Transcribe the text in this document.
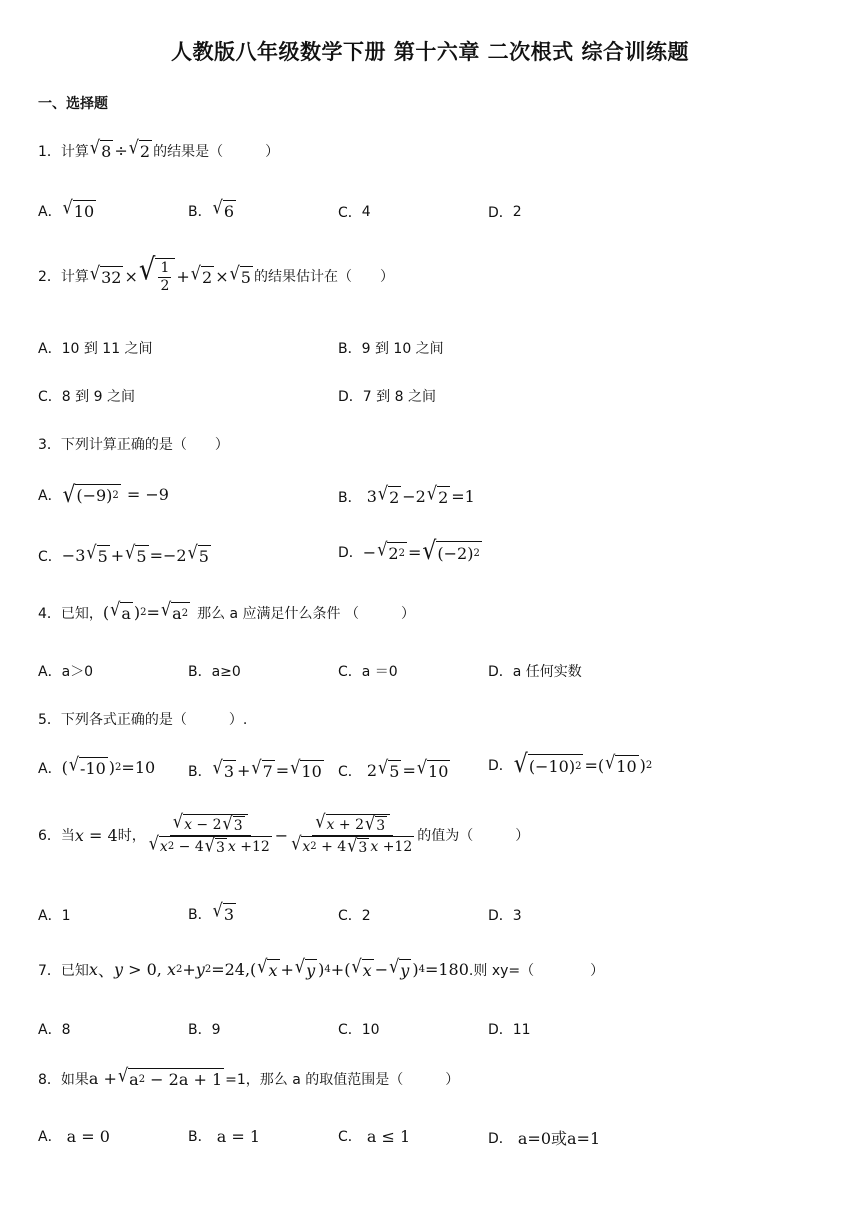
人教版八年级数学下册 第十六章 二次根式 综合训练题
一、选择题
1．计算 √ 8 ÷ √ 2 的结果是（　　　）
A． √ 10	B． √ 6	C． 4	D． 2
2．计算 √ 32 × √ $\frac{1}{2}$ + √ 2 × √ 5 的结果估计在（　　）
A．10 到 11 之间	B．9 到 10 之间
C．8 到 9 之间	D．7 到 8 之间
3．下列计算正确的是（　　）
A． √ (−9) 2 = −9	B． 3 √ 2 −2 √ 2 =1
C． −3 √ 5 + √ 5 =−2 √ 5	D． − √ 2 2 = √ (−2) 2
4．已知， ( √ a ) 2 = √ a 2 那么 a 应满足什么条件 （　　　）
A．a＞0	B．a≥0	C．a ＝0	D．a 任何实数
5．下列各式正确的是（　　　）.
A． ( √ -10 ) 2 =10 B． √ 3 + √ 7 = √ 10 C． 2 √ 5 = √ 10	D． √ (−10) 2 =( √ 10 ) 2
6．当 x = 4 时， $\frac{√ x - 2 √ 3}{√ x 2 - 4 √ 3 x +12} - \frac{√ x + 2 √ 3}{√ x 2 + 4 √ 3 x +12}$ 的值为（　　　）
A．1	B． √ 3	C．2	D．3
7．已知 x 、 y > 0, x 2 + y 2 =24,( √ x + √ y ) 4 +( √ x − √ y ) 4 =180 .则 xy=（　　　　）
A．8	B．9	C．10	D．11
8．如果 a + √ a 2 − 2a + 1 =1，那么 a 的取值范围是（　　　）
A． a = 0	B． a = 1	C． a ≤ 1	D． a=0或a=1
